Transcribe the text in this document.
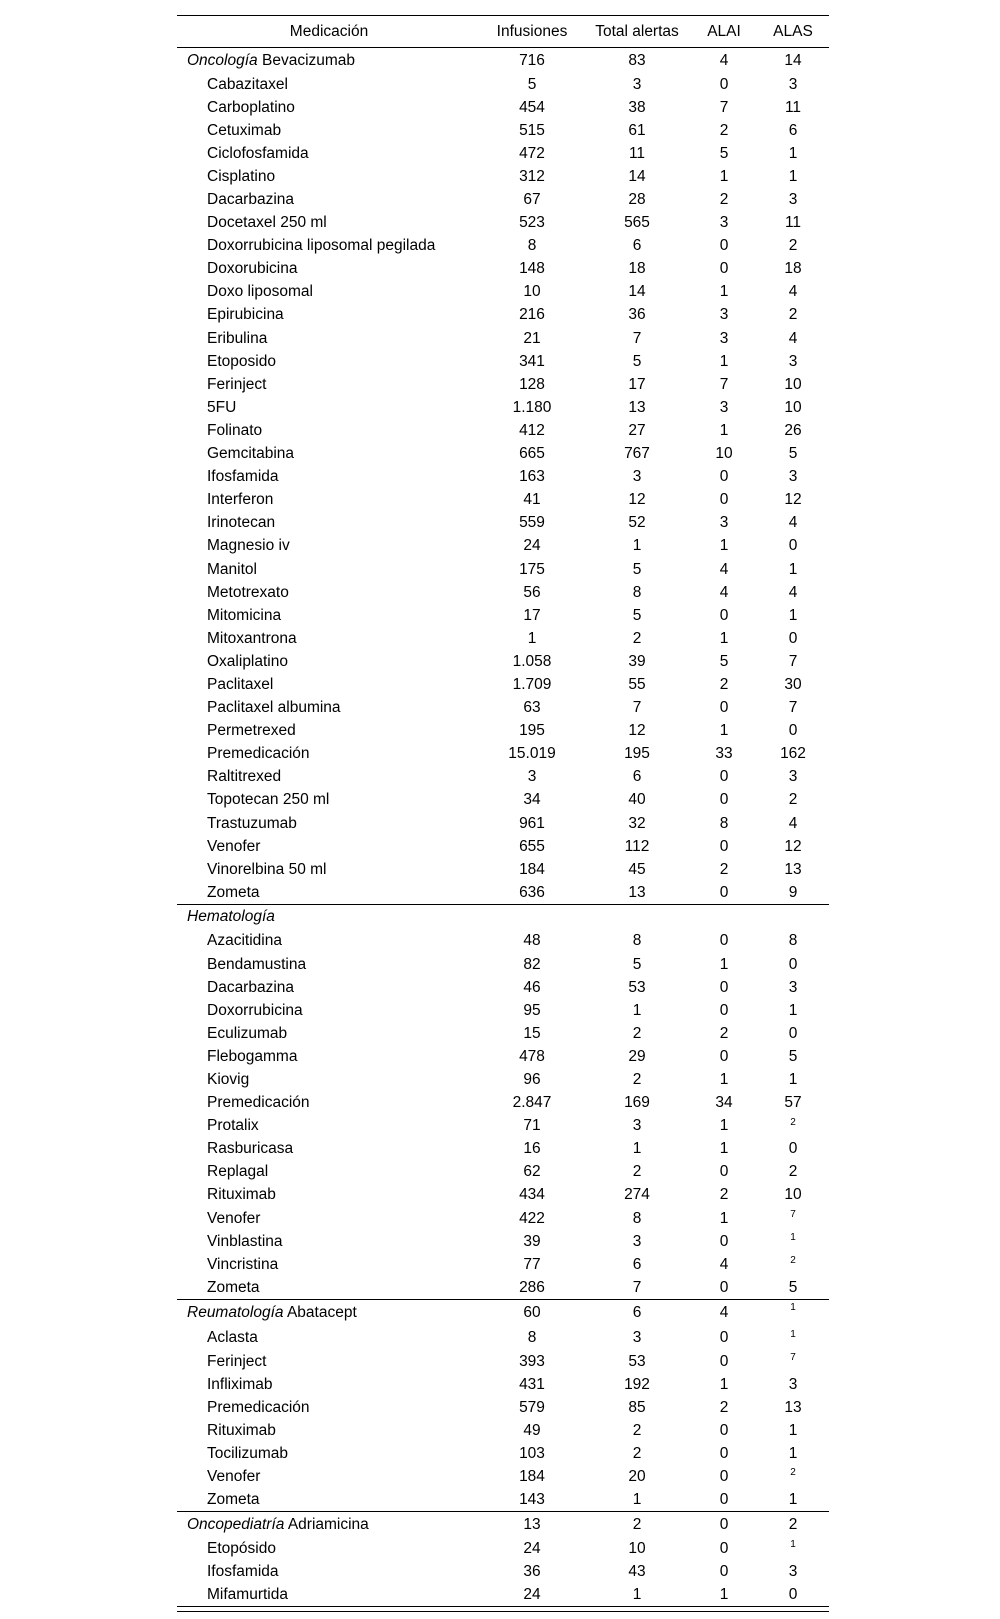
Medicación	Infusiones	Total alertas	ALAI	ALAS
Oncología Bevacizumab	716	83	4	14
Cabazitaxel	5	3	0	3
Carboplatino	454	38	7	11
Cetuximab	515	61	2	6
Ciclofosfamida	472	11	5	1
Cisplatino	312	14	1	1
Dacarbazina	67	28	2	3
Docetaxel 250 ml	523	565	3	11
Doxorrubicina liposomal pegilada	8	6	0	2
Doxorubicina	148	18	0	18
Doxo liposomal	10	14	1	4
Epirubicina	216	36	3	2
Eribulina	21	7	3	4
Etoposido	341	5	1	3
Ferinject	128	17	7	10
5FU	1.180	13	3	10
Folinato	412	27	1	26
Gemcitabina	665	767	10	5
Ifosfamida	163	3	0	3
Interferon	41	12	0	12
Irinotecan	559	52	3	4
Magnesio iv	24	1	1	0
Manitol	175	5	4	1
Metotrexato	56	8	4	4
Mitomicina	17	5	0	1
Mitoxantrona	1	2	1	0
Oxaliplatino	1.058	39	5	7
Paclitaxel	1.709	55	2	30
Paclitaxel albumina	63	7	0	7
Permetrexed	195	12	1	0
Premedicación	15.019	195	33	162
Raltitrexed	3	6	0	3
Topotecan 250 ml	34	40	0	2
Trastuzumab	961	32	8	4
Venofer	655	112	0	12
Vinorelbina 50 ml	184	45	2	13
Zometa	636	13	0	9
Hematología				
Azacitidina	48	8	0	8
Bendamustina	82	5	1	0
Dacarbazina	46	53	0	3
Doxorrubicina	95	1	0	1
Eculizumab	15	2	2	0
Flebogamma	478	29	0	5
Kiovig	96	2	1	1
Premedicación	2.847	169	34	57
Protalix	71	3	1	2
Rasburicasa	16	1	1	0
Replagal	62	2	0	2
Rituximab	434	274	2	10
Venofer	422	8	1	7
Vinblastina	39	3	0	1
Vincristina	77	6	4	2
Zometa	286	7	0	5
Reumatología Abatacept	60	6	4	1
Aclasta	8	3	0	1
Ferinject	393	53	0	7
Infliximab	431	192	1	3
Premedicación	579	85	2	13
Rituximab	49	2	0	1
Tocilizumab	103	2	0	1
Venofer	184	20	0	2
Zometa	143	1	0	1
Oncopediatría Adriamicina	13	2	0	2
Etopósido	24	10	0	1
Ifosfamida	36	43	0	3
Mifamurtida	24	1	1	0
